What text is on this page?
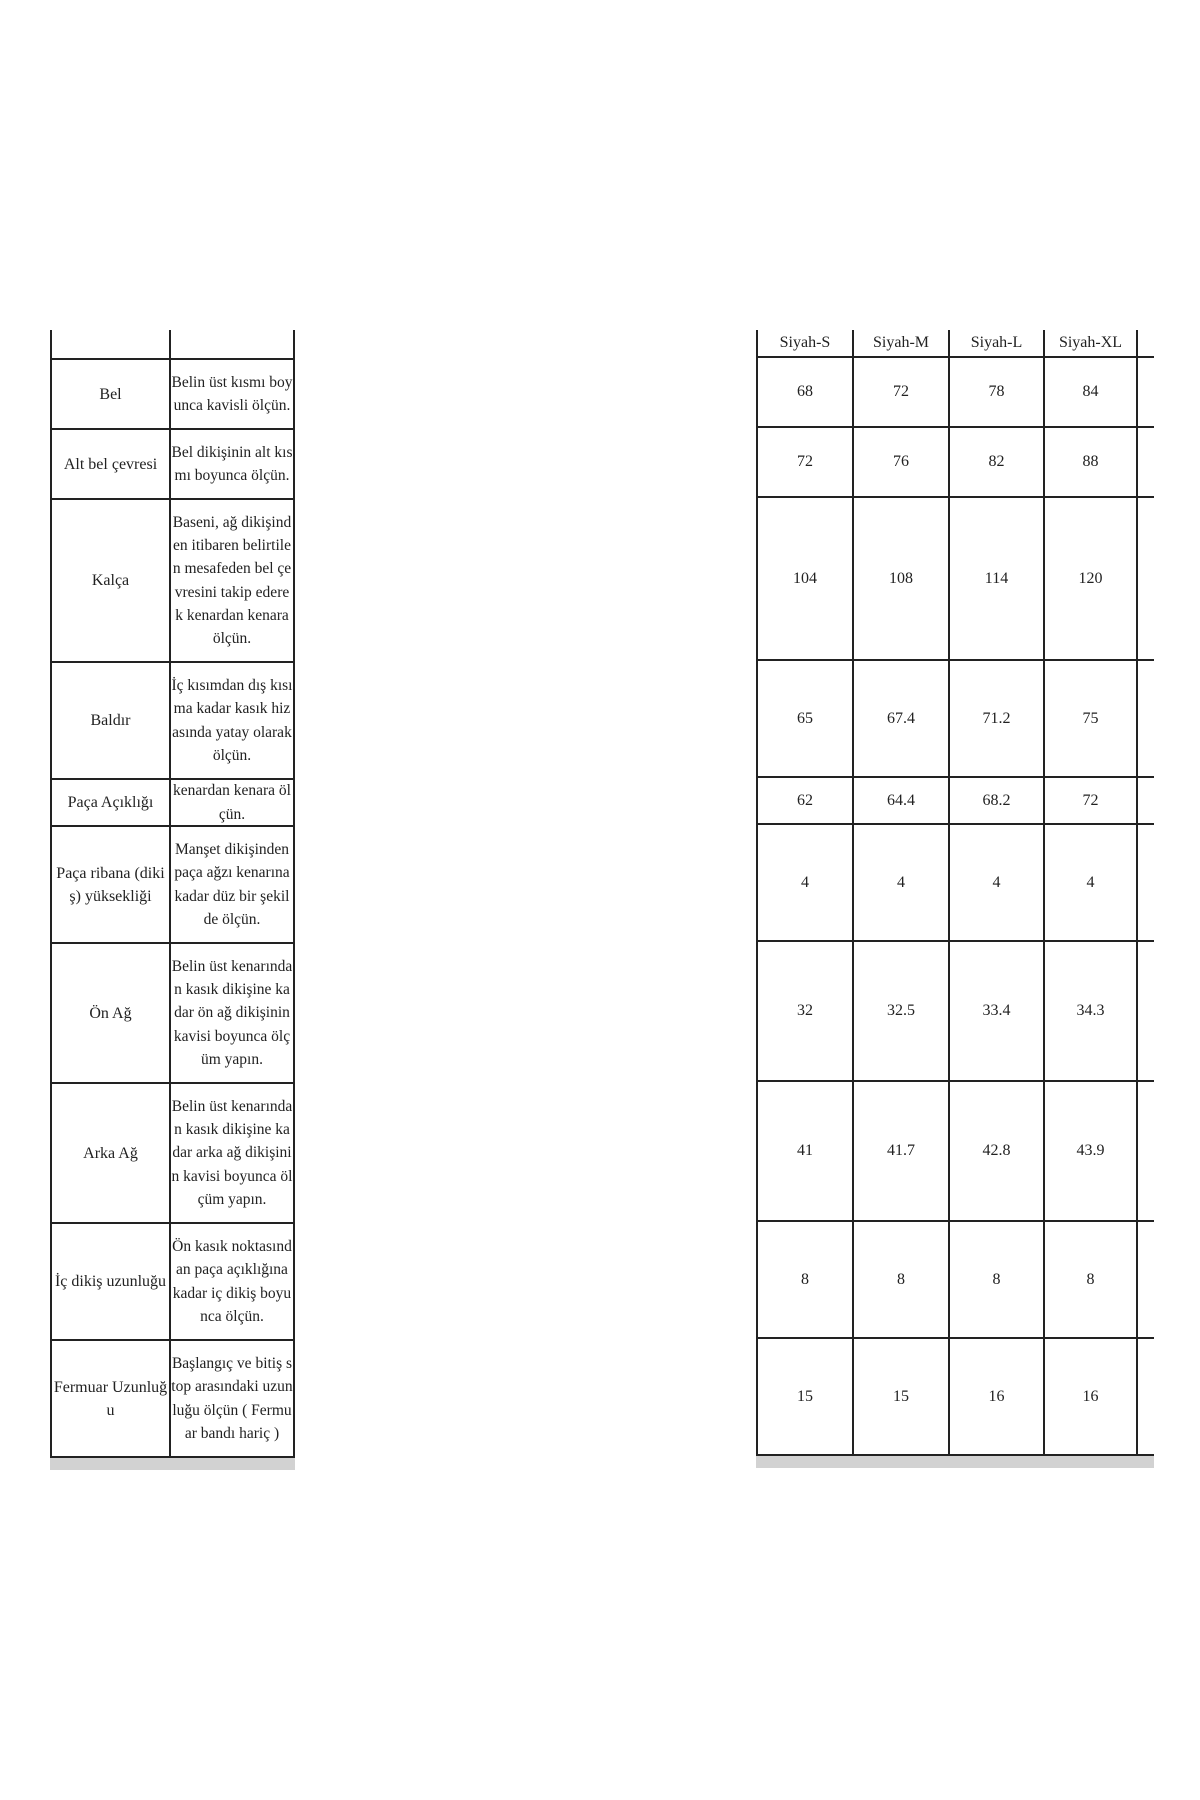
Bel
Belin üst kısmı boyunca kavisli ölçün.
Alt bel çevresi
Bel dikişinin alt kısmı boyunca ölçün.
Kalça
Baseni, ağ dikişinden itibaren belirtilen mesafeden bel çevresini takip ederek kenardan kenara ölçün.
Baldır
İç kısımdan dış kısıma kadar kasık hizasında yatay olarak ölçün.
Paça Açıklığı
kenardan kenara ölçün.
Paça ribana (dikiş) yüksekliği
Manşet dikişinden paça ağzı kenarına kadar düz bir şekilde ölçün.
Ön Ağ
Belin üst kenarından kasık dikişine kadar ön ağ dikişinin kavisi boyunca ölçüm yapın.
Arka Ağ
Belin üst kenarından kasık dikişine kadar arka ağ dikişinin kavisi boyunca ölçüm yapın.
İç dikiş uzunluğu
Ön kasık noktasından paça açıklığına kadar iç dikiş boyunca ölçün.
Fermuar Uzunluğu
Başlangıç ve bitiş stop arasındaki uzunluğu ölçün ( Fermuar bandı hariç )
Siyah-S	Siyah-M	Siyah-L	Siyah-XL
68	72	78	84
72	76	82	88
104	108	114	120
65	67.4	71.2	75
62	64.4	68.2	72
4	4	4	4
32	32.5	33.4	34.3
41	41.7	42.8	43.9
8	8	8	8
15	15	16	16
